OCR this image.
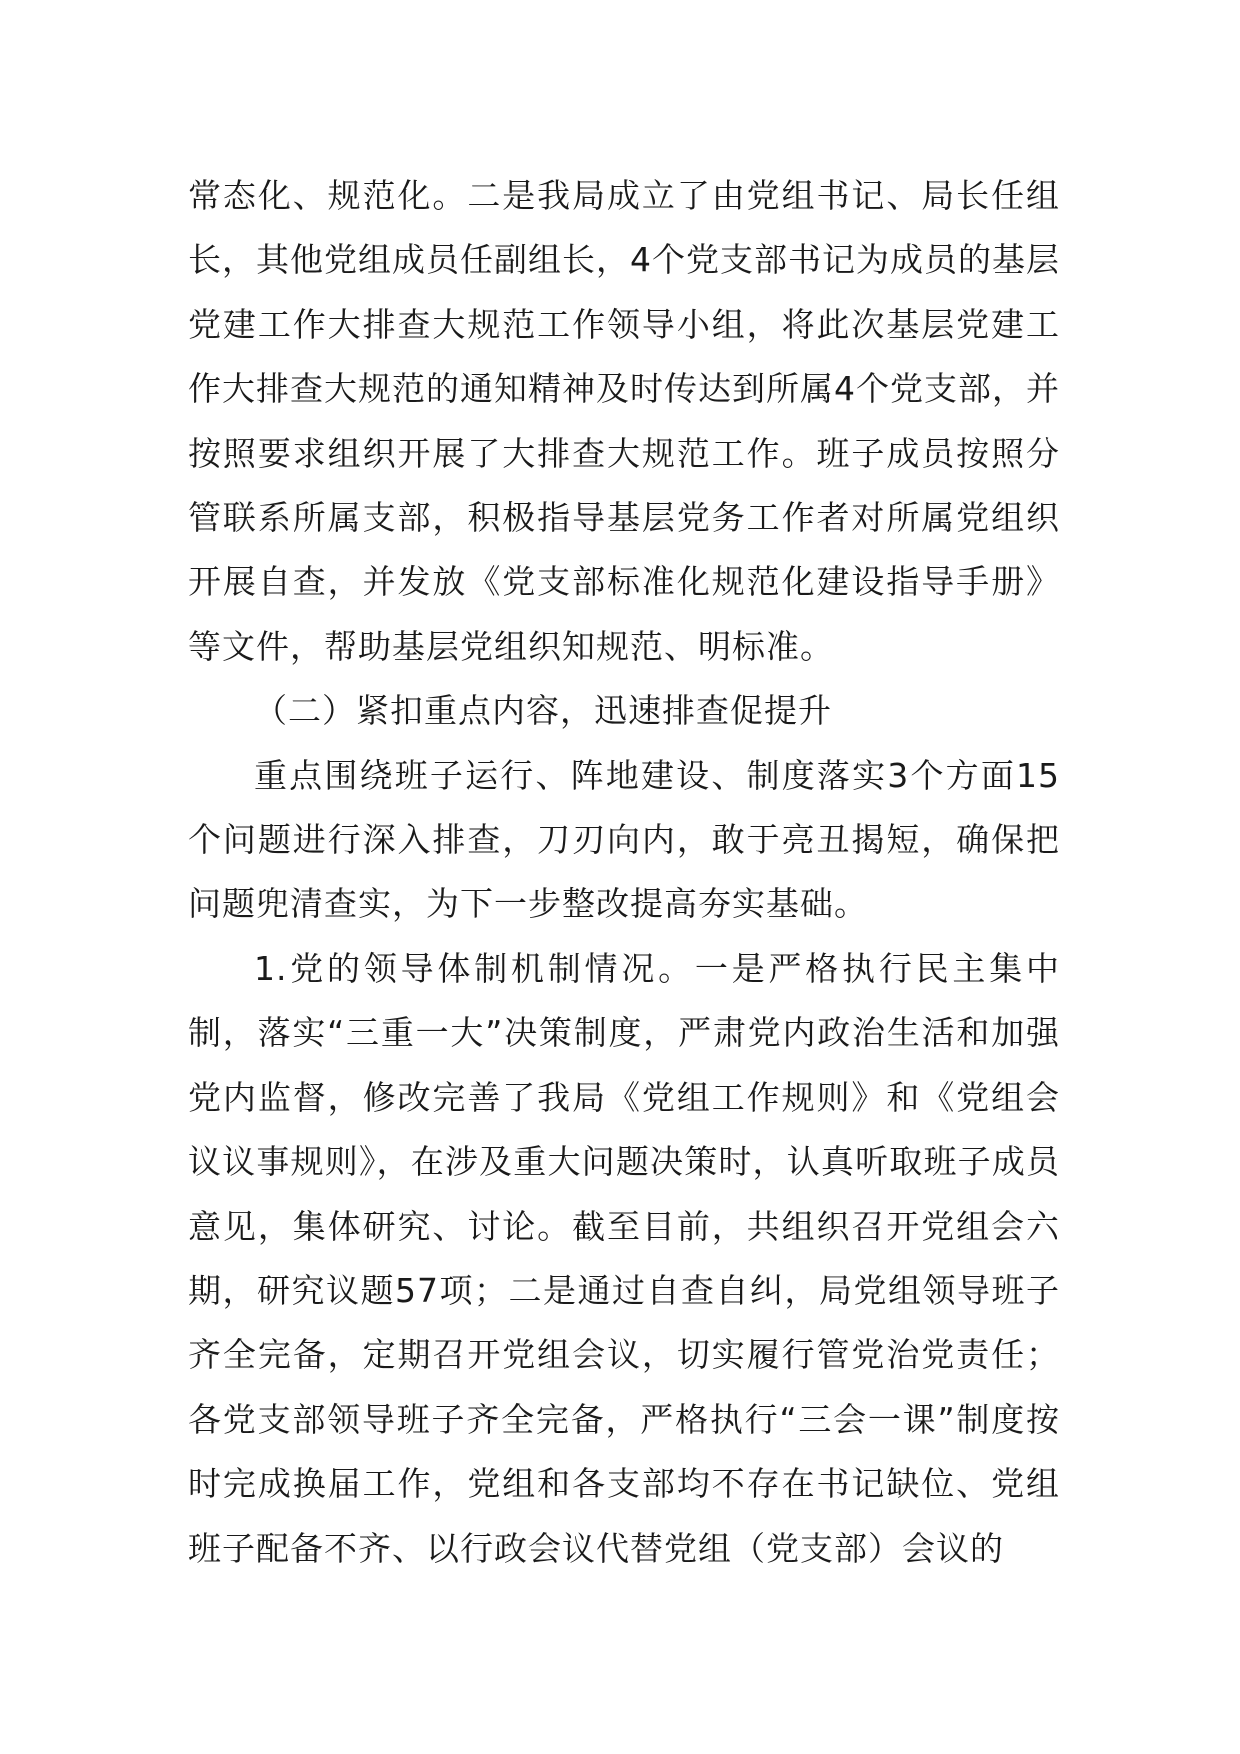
常态化、规范化。二是我局成立了由党组书记、局长任组长，其他党组成员任副组长，4个党支部书记为成员的基层党建工作大排查大规范工作领导小组，将此次基层党建工作大排查大规范的通知精神及时传达到所属4个党支部，并按照要求组织开展了大排查大规范工作。班子成员按照分管联系所属支部，积极指导基层党务工作者对所属党组织开展自查，并发放《党支部标准化规范化建设指导手册》等文件，帮助基层党组织知规范、明标准。

（二）紧扣重点内容，迅速排查促提升

重点围绕班子运行、阵地建设、制度落实3个方面15个问题进行深入排查，刀刃向内，敢于亮丑揭短，确保把问题兜清查实，为下一步整改提高夯实基础。

1.党的领导体制机制情况。一是严格执行民主集中制，落实“三重一大”决策制度，严肃党内政治生活和加强党内监督，修改完善了我局《党组工作规则》和《党组会议议事规则》，在涉及重大问题决策时，认真听取班子成员意见，集体研究、讨论。截至目前，共组织召开党组会六期，研究议题57项；二是通过自查自纠，局党组领导班子齐全完备，定期召开党组会议，切实履行管党治党责任；各党支部领导班子齐全完备，严格执行“三会一课”制度按时完成换届工作，党组和各支部均不存在书记缺位、党组班子配备不齐、以行政会议代替党组（党支部）会议的
